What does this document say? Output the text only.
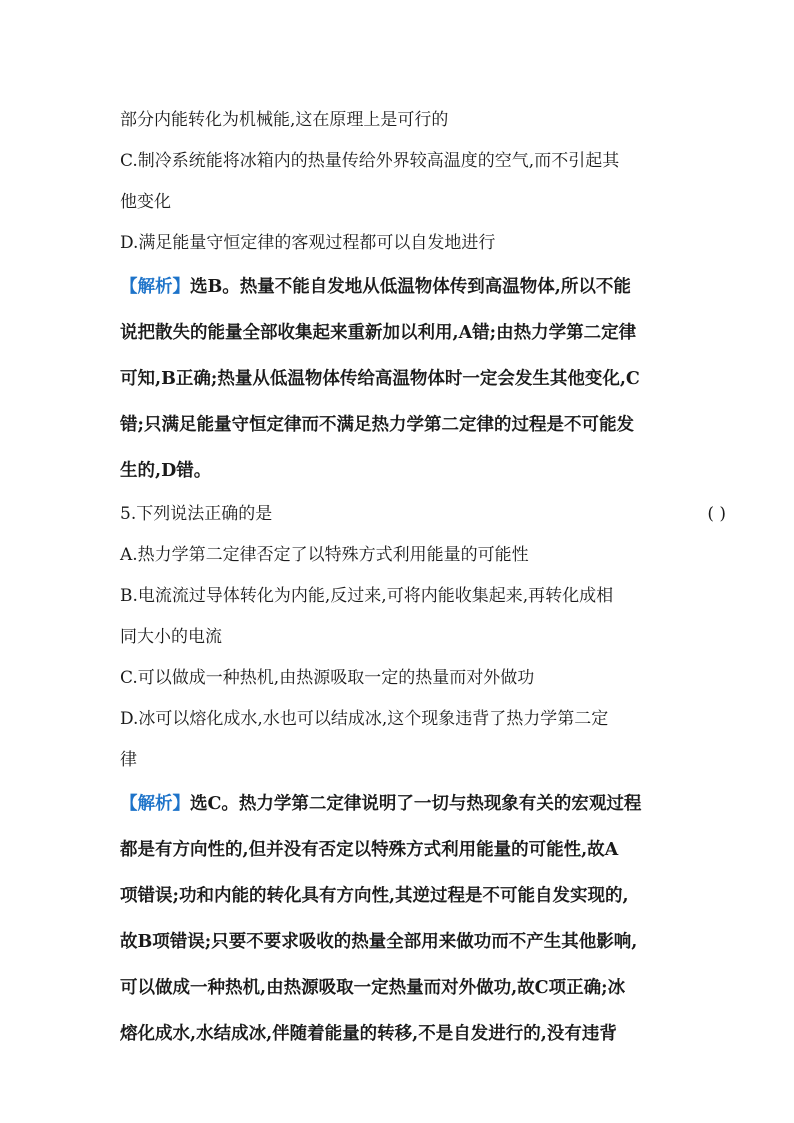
部分内能转化为机械能,这在原理上是可行的
C.制冷系统能将冰箱内的热量传给外界较高温度的空气,而不引起其
他变化
D.满足能量守恒定律的客观过程都可以自发地进行
【解析】选B。热量不能自发地从低温物体传到高温物体,所以不能
说把散失的能量全部收集起来重新加以利用,A错;由热力学第二定律
可知,B正确;热量从低温物体传给高温物体时一定会发生其他变化,C
错;只满足能量守恒定律而不满足热力学第二定律的过程是不可能发
生的,D错。
5.下列说法正确的是	( )
A.热力学第二定律否定了以特殊方式利用能量的可能性
B.电流流过导体转化为内能,反过来,可将内能收集起来,再转化成相
同大小的电流
C.可以做成一种热机,由热源吸取一定的热量而对外做功
D.冰可以熔化成水,水也可以结成冰,这个现象违背了热力学第二定
律
【解析】选C。热力学第二定律说明了一切与热现象有关的宏观过程
都是有方向性的,但并没有否定以特殊方式利用能量的可能性,故A
项错误;功和内能的转化具有方向性,其逆过程是不可能自发实现的,
故B项错误;只要不要求吸收的热量全部用来做功而不产生其他影响,
可以做成一种热机,由热源吸取一定热量而对外做功,故C项正确;冰
熔化成水,水结成冰,伴随着能量的转移,不是自发进行的,没有违背
